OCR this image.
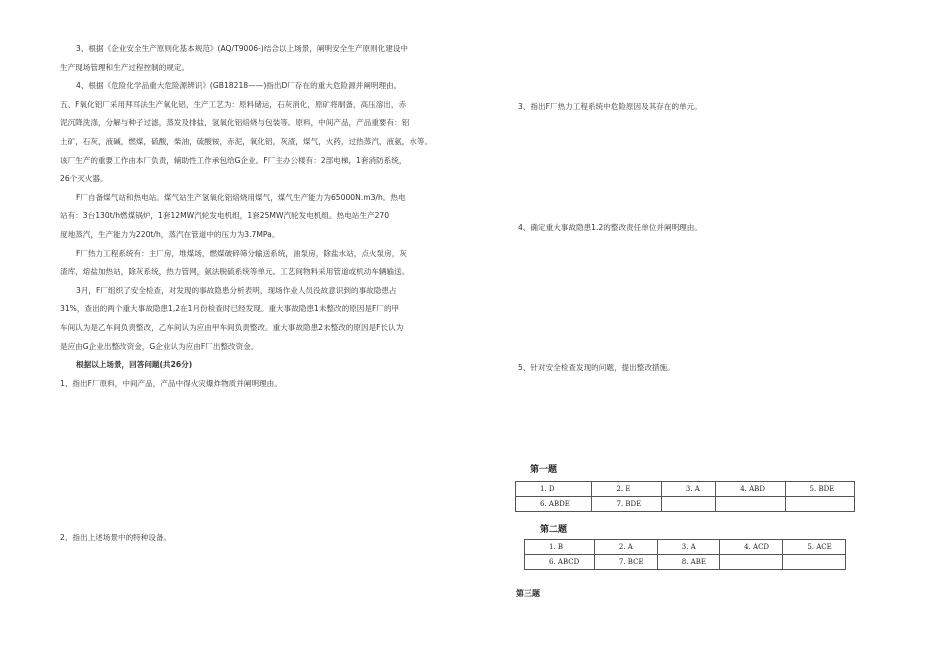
3、根据《企业安全生产原则化基本规范》(AQ/T9006-)结合以上场景，阐明安全生产原则化建设中

生产现场管理和生产过程控制的规定。

4、根据《危险化学品重大危险源辨识》(GB18218——)指出D厂存在的重大危险源并阐明理由。

五、F氧化铝厂采用拜耳法生产氧化铝，生产工艺为：原料储运，石灰消化，原矿将制备，高压溶出，赤

泥沉降洗涤，分解与种子过滤，蒸发及排盐，氢氧化铝焙烧与包装等。原料，中间产品，产品重要有：铝

土矿，石灰，液碱，燃煤，硫酸，柴油，硫酸铵，赤泥，氧化铝，灰渣，煤气，火药，过热蒸汽，液氨，水等。

该厂生产的重要工作由本厂负责，辅助性工作承包给G企业。F厂主办公楼有：2部电梯，1套消防系统，

26个灭火器。

F厂自备煤气站和热电站。煤气站生产氢氧化铝焙烧用煤气，煤气生产能力为65000N.m3/h。热电

站有：3台130t/h燃煤锅炉，1套12MW汽轮发电机组，1套25MW汽轮发电机组。热电站生产270

度地蒸汽，生产能力为220t/h，蒸汽在管道中的压力为3.7MPa。

F厂热力工程系统有：主厂房，堆煤场，燃煤破碎筛分输送系统，油泵房，除盐水站，点火泵房，灰

渣库，熔盐加热站，除灰系统，热力管网，氨法脱硫系统等单元。工艺间物料采用管道或机动车辆输送。

3月，F厂组织了安全检查，对发现的事故隐患分析表明，现场作业人员没故意识到的事故隐患占

31%，查出的两个重大事故隐患1,2在1月份检查时已经发现。重大事故隐患1未整改的原因是F厂的甲

车间认为是乙车间负责整改，乙车间认为应由甲车间负责整改。重大事故隐患2未整改的原因是F长认为

是应由G企业出整改资金，G企业认为应由F厂出整改资金。

根据以上场景，回答问题(共26分)

1、指出F厂原料，中间产品，产品中得火灾爆炸物质并阐明理由。
2、指出上述场景中的特种设备。
3、指出F厂热力工程系统中危险原因及其存在的单元。
4、确定重大事故隐患1.2的整改责任单位并阐明理由。
5、针对安全检查发现的问题，提出整改措施。
第一题
1. D	2. E	3. A	4. ABD	5. BDE
6. ABDE	7. BDE			
第二题
1. B	2. A	3. A	4. ACD	5. ACE
6. ABCD	7. BCE	8. ABE		
第三题
